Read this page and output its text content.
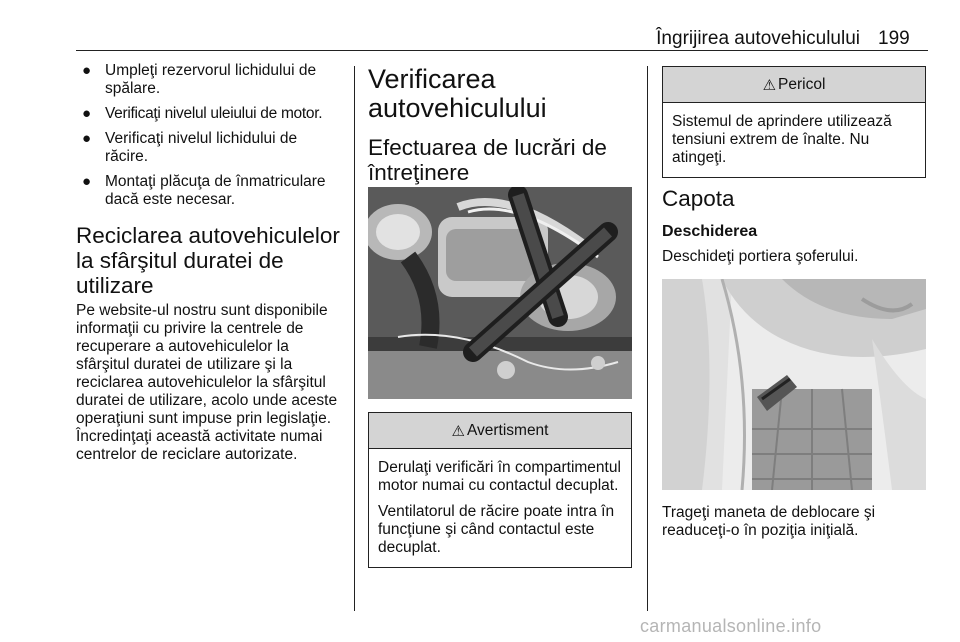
Îngrijirea autovehiculului 199
● Umpleţi rezervorul lichidului de spălare.
● Verificaţi nivelul uleiului de motor.
● Verificaţi nivelul lichidului de răcire.
● Montaţi plăcuţa de înmatriculare dacă este necesar.
Reciclarea autovehiculelor la sfârşitul duratei de utilizare

Pe website-ul nostru sunt disponibile informaţii cu privire la centrele de recuperare a autovehiculelor la sfârşitul duratei de utilizare şi la reciclarea autovehiculelor la sfârşitul duratei de utilizare, acolo unde aceste operaţiuni sunt impuse prin legislaţie. Încredinţaţi această activitate numai centrelor de reciclare autorizate.

Verificarea autovehiculului
Efectuarea de lucrări de întreţinere
⚠ Avertisment

Derulaţi verificări în compartimentul motor numai cu contactul decuplat.

Ventilatorul de răcire poate intra în funcţiune şi când contactul este decuplat.

⚠ Pericol

Sistemul de aprindere utilizează tensiuni extrem de înalte. Nu atingeţi.

Capota

Deschiderea

Deschideţi portiera şoferului.

Trageţi maneta de deblocare şi readuceţi-o în poziţia iniţială.

carmanualsonline.info
